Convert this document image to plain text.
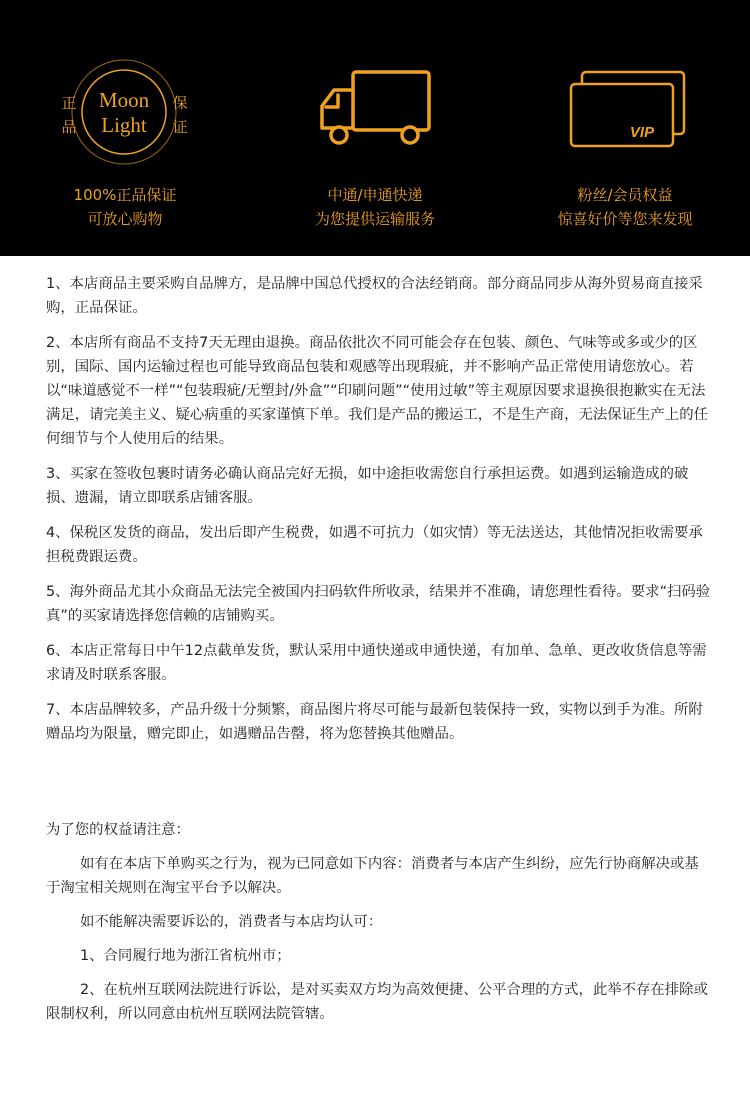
Moon
Light
正
品
保
证
100%正品保证
可放心购物
中通/申通快递
为您提供运输服务
VIP
粉丝/会员权益
惊喜好价等您来发现

1、本店商品主要采购自品牌方，是品牌中国总代授权的合法经销商。部分商品同步从海外贸易商直接采购，正品保证。

2、本店所有商品不支持7天无理由退换。商品依批次不同可能会存在包装、颜色、气味等或多或少的区别，国际、国内运输过程也可能导致商品包装和观感等出现瑕疵，并不影响产品正常使用请您放心。若以“味道感觉不一样”“包装瑕疵/无塑封/外盒”“印刷问题”“使用过敏”等主观原因要求退换很抱歉实在无法满足，请完美主义、疑心病重的买家谨慎下单。我们是产品的搬运工，不是生产商，无法保证生产上的任何细节与个人使用后的结果。

3、买家在签收包裹时请务必确认商品完好无损，如中途拒收需您自行承担运费。如遇到运输造成的破损、遗漏，请立即联系店铺客服。

4、保税区发货的商品，发出后即产生税费，如遇不可抗力（如灾情）等无法送达，其他情况拒收需要承担税费跟运费。

5、海外商品尤其小众商品无法完全被国内扫码软件所收录，结果并不准确，请您理性看待。要求“扫码验真”的买家请选择您信赖的店铺购买。

6、本店正常每日中午12点截单发货，默认采用中通快递或申通快递，有加单、急单、更改收货信息等需求请及时联系客服。

7、本店品牌较多，产品升级十分频繁，商品图片将尽可能与最新包装保持一致，实物以到手为准。所附赠品均为限量，赠完即止，如遇赠品告罄，将为您替换其他赠品。

为了您的权益请注意：

如有在本店下单购买之行为，视为已同意如下内容：消费者与本店产生纠纷，应先行协商解决或基于淘宝相关规则在淘宝平台予以解决。

如不能解决需要诉讼的，消费者与本店均认可：

1、合同履行地为浙江省杭州市；

2、在杭州互联网法院进行诉讼，是对买卖双方均为高效便捷、公平合理的方式，此举不存在排除或限制权利，所以同意由杭州互联网法院管辖。
